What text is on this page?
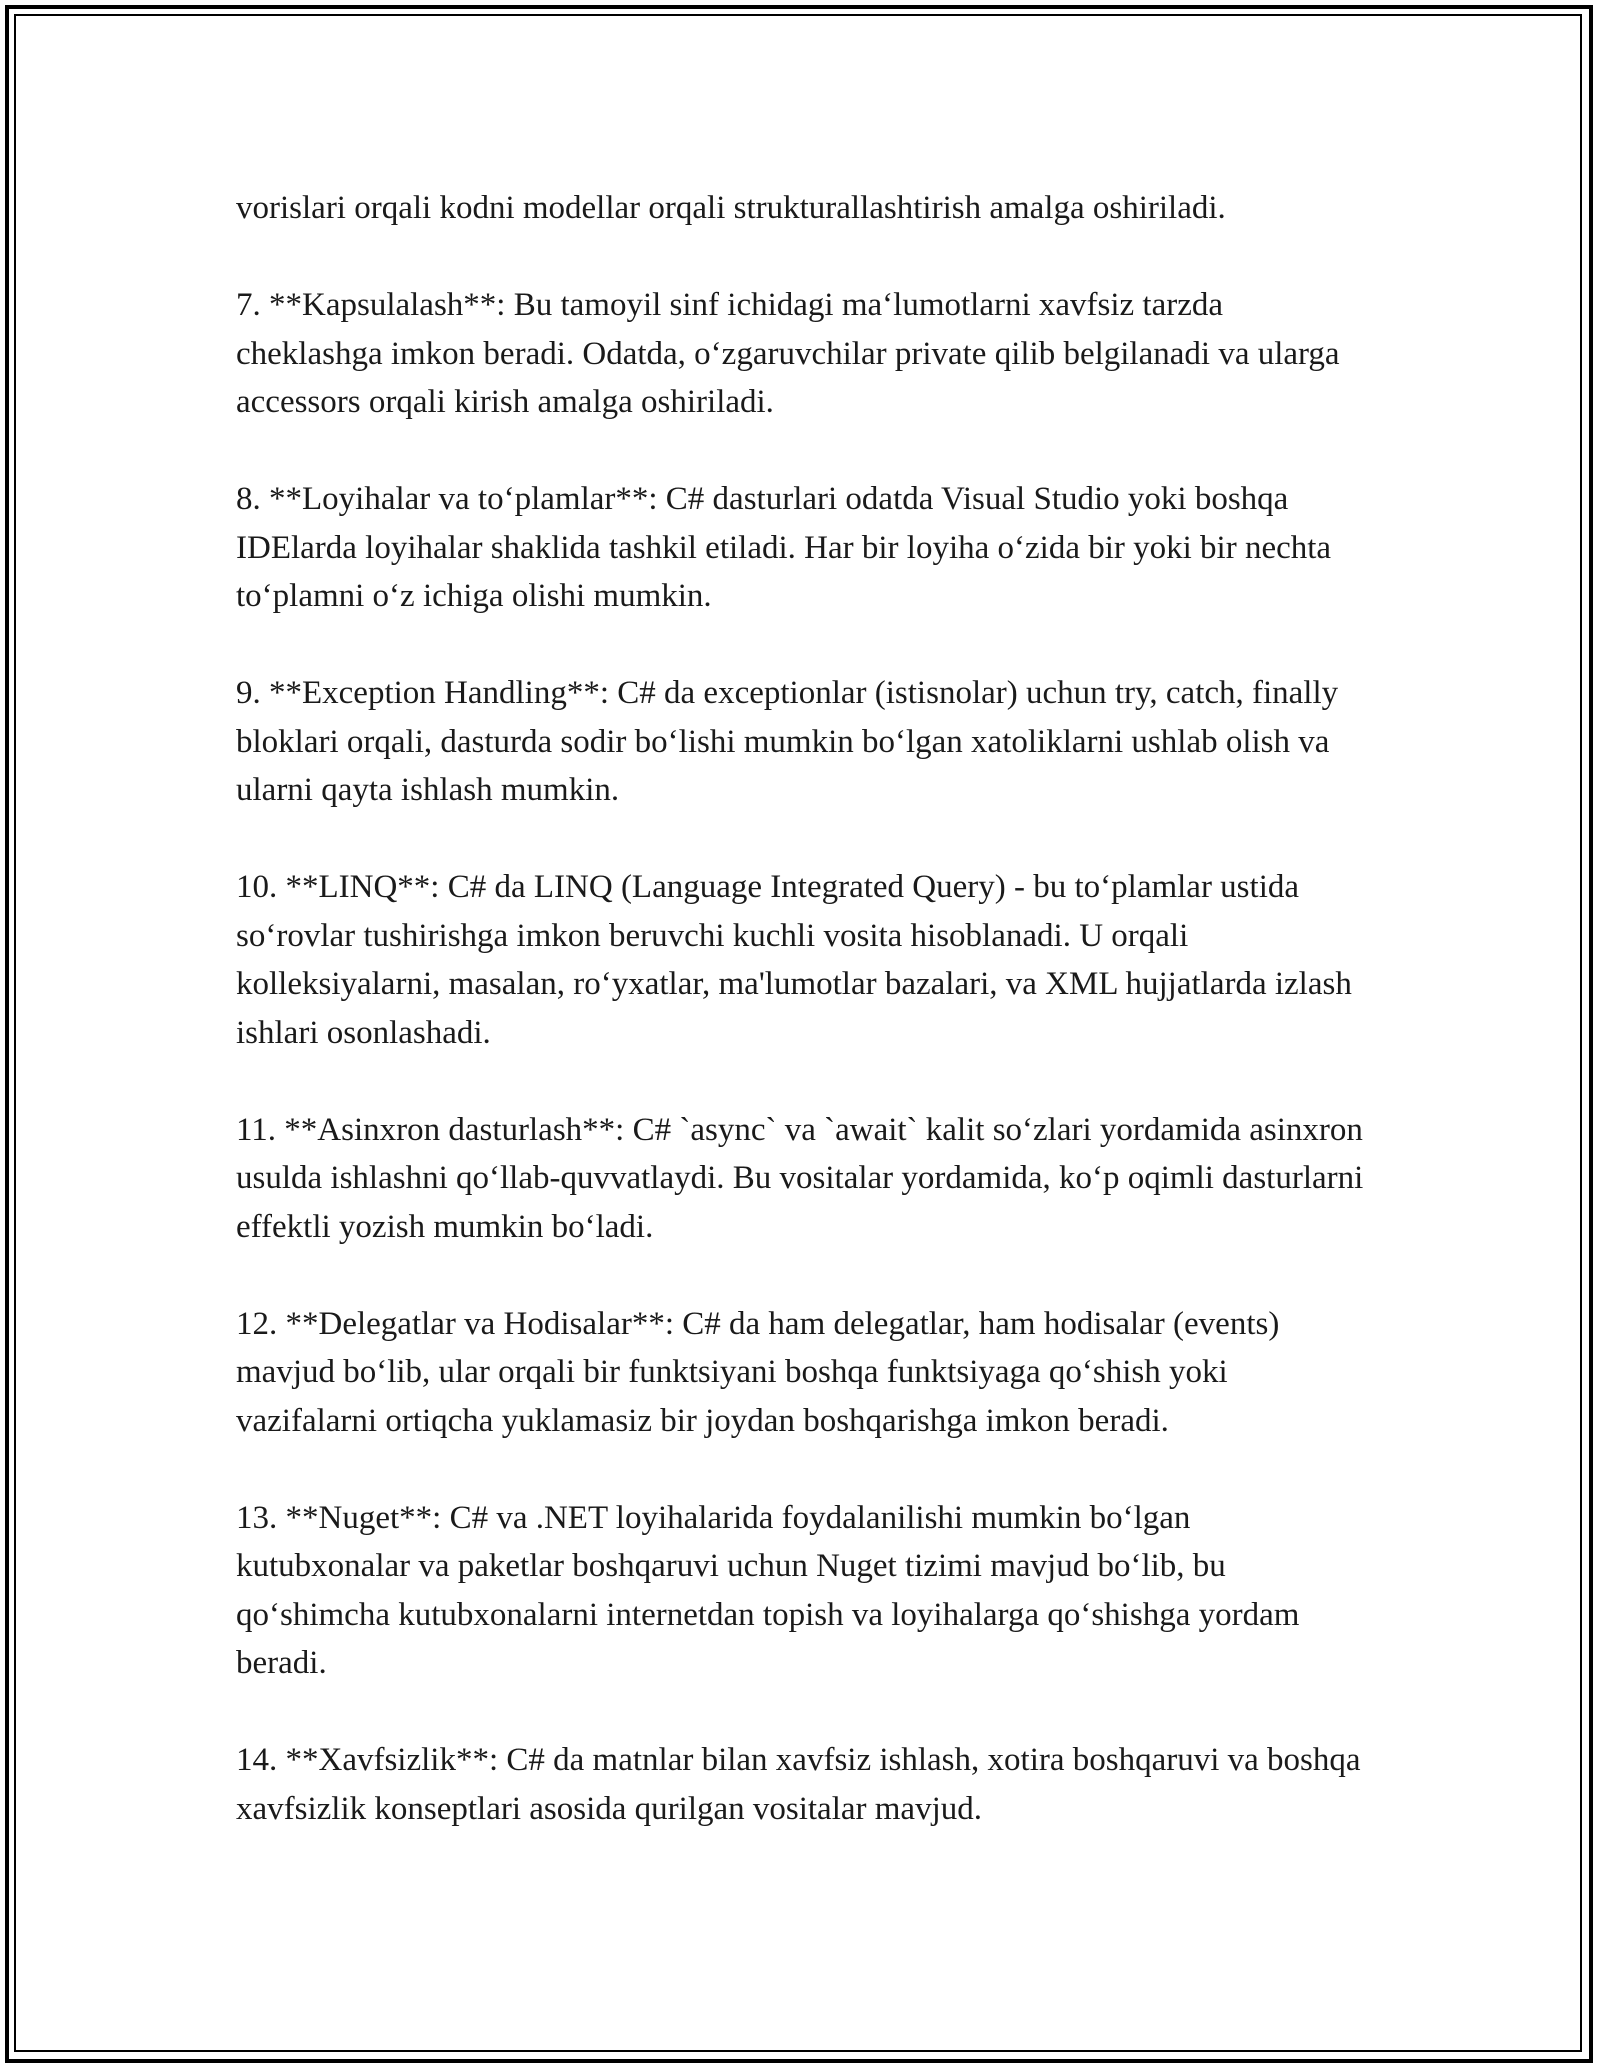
vorislari orqali kodni modellar orqali strukturallashtirish amalga oshiriladi.

7. **Kapsulalash**: Bu tamoyil sinf ichidagi ma‘lumotlarni xavfsiz tarzda cheklashga imkon beradi. Odatda, o‘zgaruvchilar private qilib belgilanadi va ularga accessors orqali kirish amalga oshiriladi.

8. **Loyihalar va to‘plamlar**: C# dasturlari odatda Visual Studio yoki boshqa IDElarda loyihalar shaklida tashkil etiladi. Har bir loyiha o‘zida bir yoki bir nechta to‘plamni o‘z ichiga olishi mumkin.

9. **Exception Handling**: C# da exceptionlar (istisnolar) uchun try, catch, finally bloklari orqali, dasturda sodir bo‘lishi mumkin bo‘lgan xatoliklarni ushlab olish va ularni qayta ishlash mumkin.

10. **LINQ**: C# da LINQ (Language Integrated Query) - bu to‘plamlar ustida so‘rovlar tushirishga imkon beruvchi kuchli vosita hisoblanadi. U orqali kolleksiyalarni, masalan, ro‘yxatlar, ma'lumotlar bazalari, va XML hujjatlarda izlash ishlari osonlashadi.

11. **Asinxron dasturlash**: C# `async` va `await` kalit so‘zlari yordamida asinxron usulda ishlashni qo‘llab-quvvatlaydi. Bu vositalar yordamida, ko‘p oqimli dasturlarni effektli yozish mumkin bo‘ladi.

12. **Delegatlar va Hodisalar**: C# da ham delegatlar, ham hodisalar (events) mavjud bo‘lib, ular orqali bir funktsiyani boshqa funktsiyaga qo‘shish yoki vazifalarni ortiqcha yuklamasiz bir joydan boshqarishga imkon beradi.

13. **Nuget**: C# va .NET loyihalarida foydalanilishi mumkin bo‘lgan kutubxonalar va paketlar boshqaruvi uchun Nuget tizimi mavjud bo‘lib, bu qo‘shimcha kutubxonalarni internetdan topish va loyihalarga qo‘shishga yordam beradi.

14. **Xavfsizlik**: C# da matnlar bilan xavfsiz ishlash, xotira boshqaruvi va boshqa xavfsizlik konseptlari asosida qurilgan vositalar mavjud.
